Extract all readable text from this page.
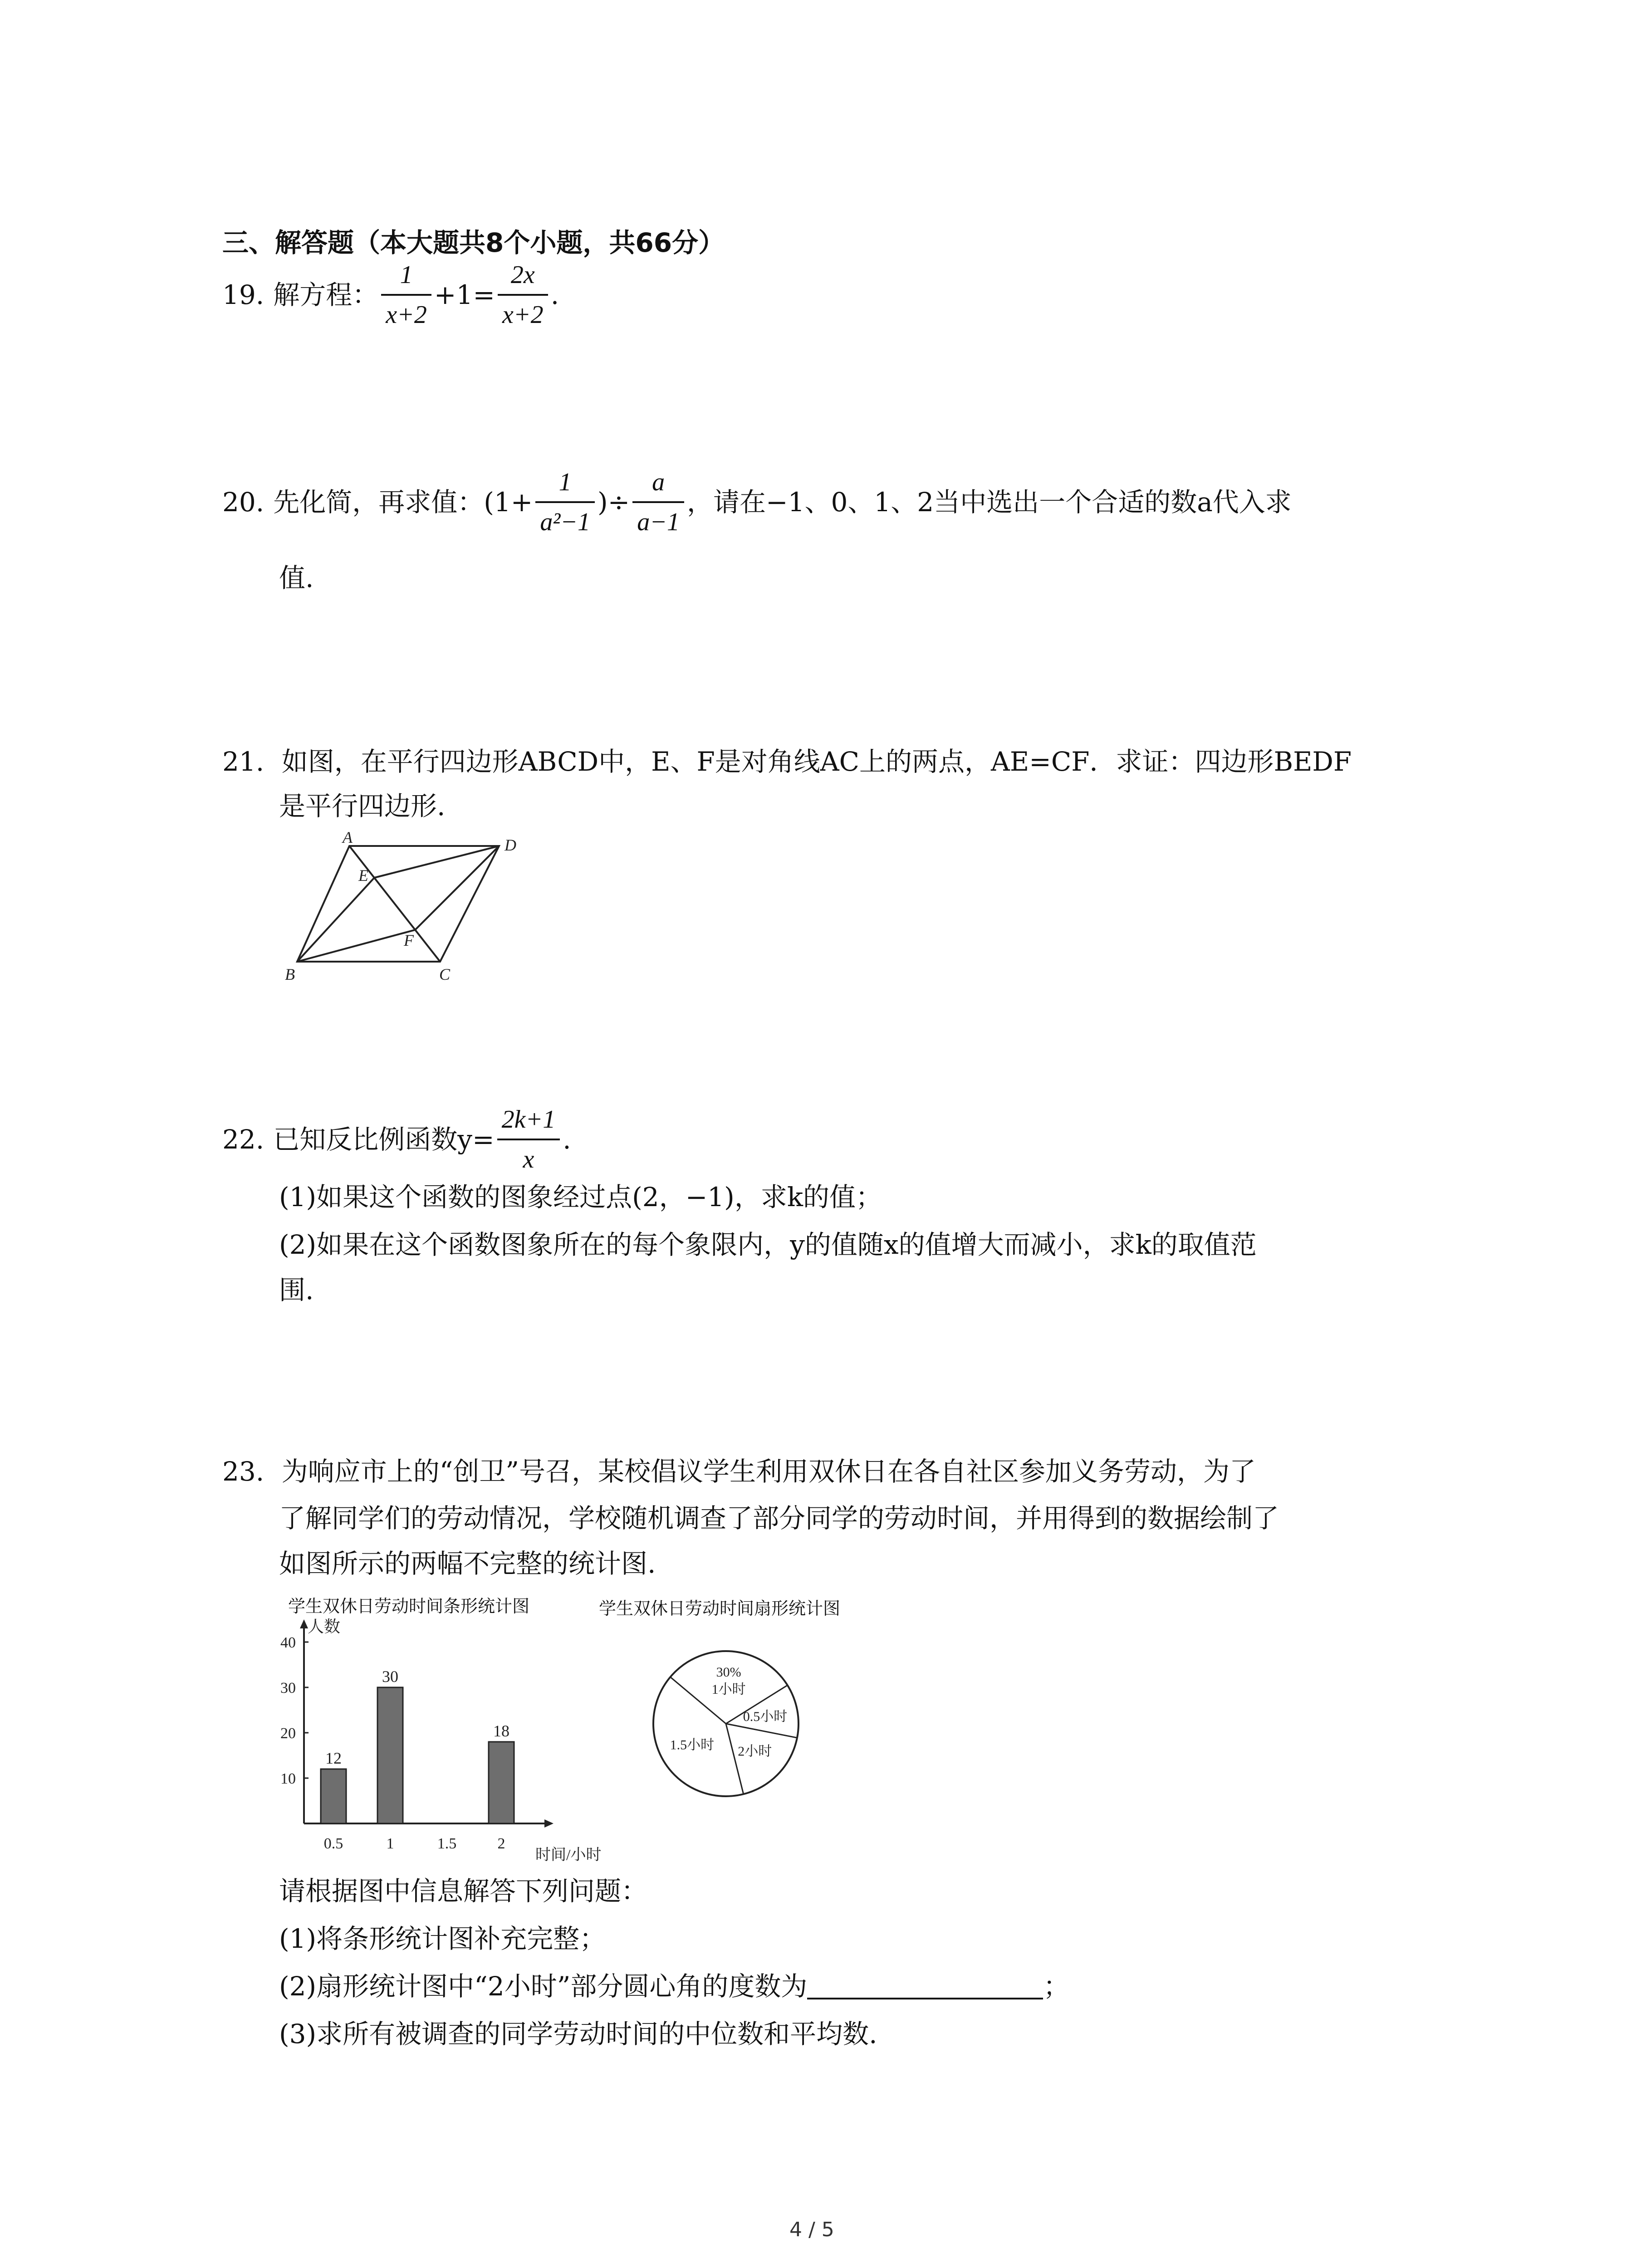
三、解答题（本大题共8个小题，共66分）
19. 解方程： $\frac{1}{x+2} +1= \frac{2x}{x+2}$ .
20. 先化简，再求值：($1+ \frac{1}{\text{a²−1}}$ )÷ $\frac{a}{a-1}$ ，请在−1、0、1、2当中选出一个合适的数a代入求
值.
21. 如图，在平行四边形ABCD中，E、F是对角线AC上的两点，AE=CF．求证：四边形BEDF
是平行四边形.
A	D
E
F
B	C
22. 已知反比例函数$y= \frac{2k+1}{x}$ .
(1)如果这个函数的图象经过点(2，−1)，求k的值；
(2)如果在这个函数图象所在的每个象限内，y的值随x的值增大而减小，求k的取值范
围.
23. 为响应市上的“创卫”号召，某校倡议学生利用双休日在各自社区参加义务劳动，为了
了解同学们的劳动情况，学校随机调查了部分同学的劳动时间，并用得到的数据绘制了
如图所示的两幅不完整的统计图.
学生双休日劳动时间条形统计图	学生双休日劳动时间扇形统计图
10
20
30
40
人数
时间/小时
0.5
12
1
30
1.5	2
18
30%
1小时
0.5小时
2小时
1.5小时
请根据图中信息解答下列问题：
(1)将条形统计图补充完整；
(2)扇形统计图中“2小时”部分圆心角的度数为	；
(3)求所有被调查的同学劳动时间的中位数和平均数.
4 / 5
